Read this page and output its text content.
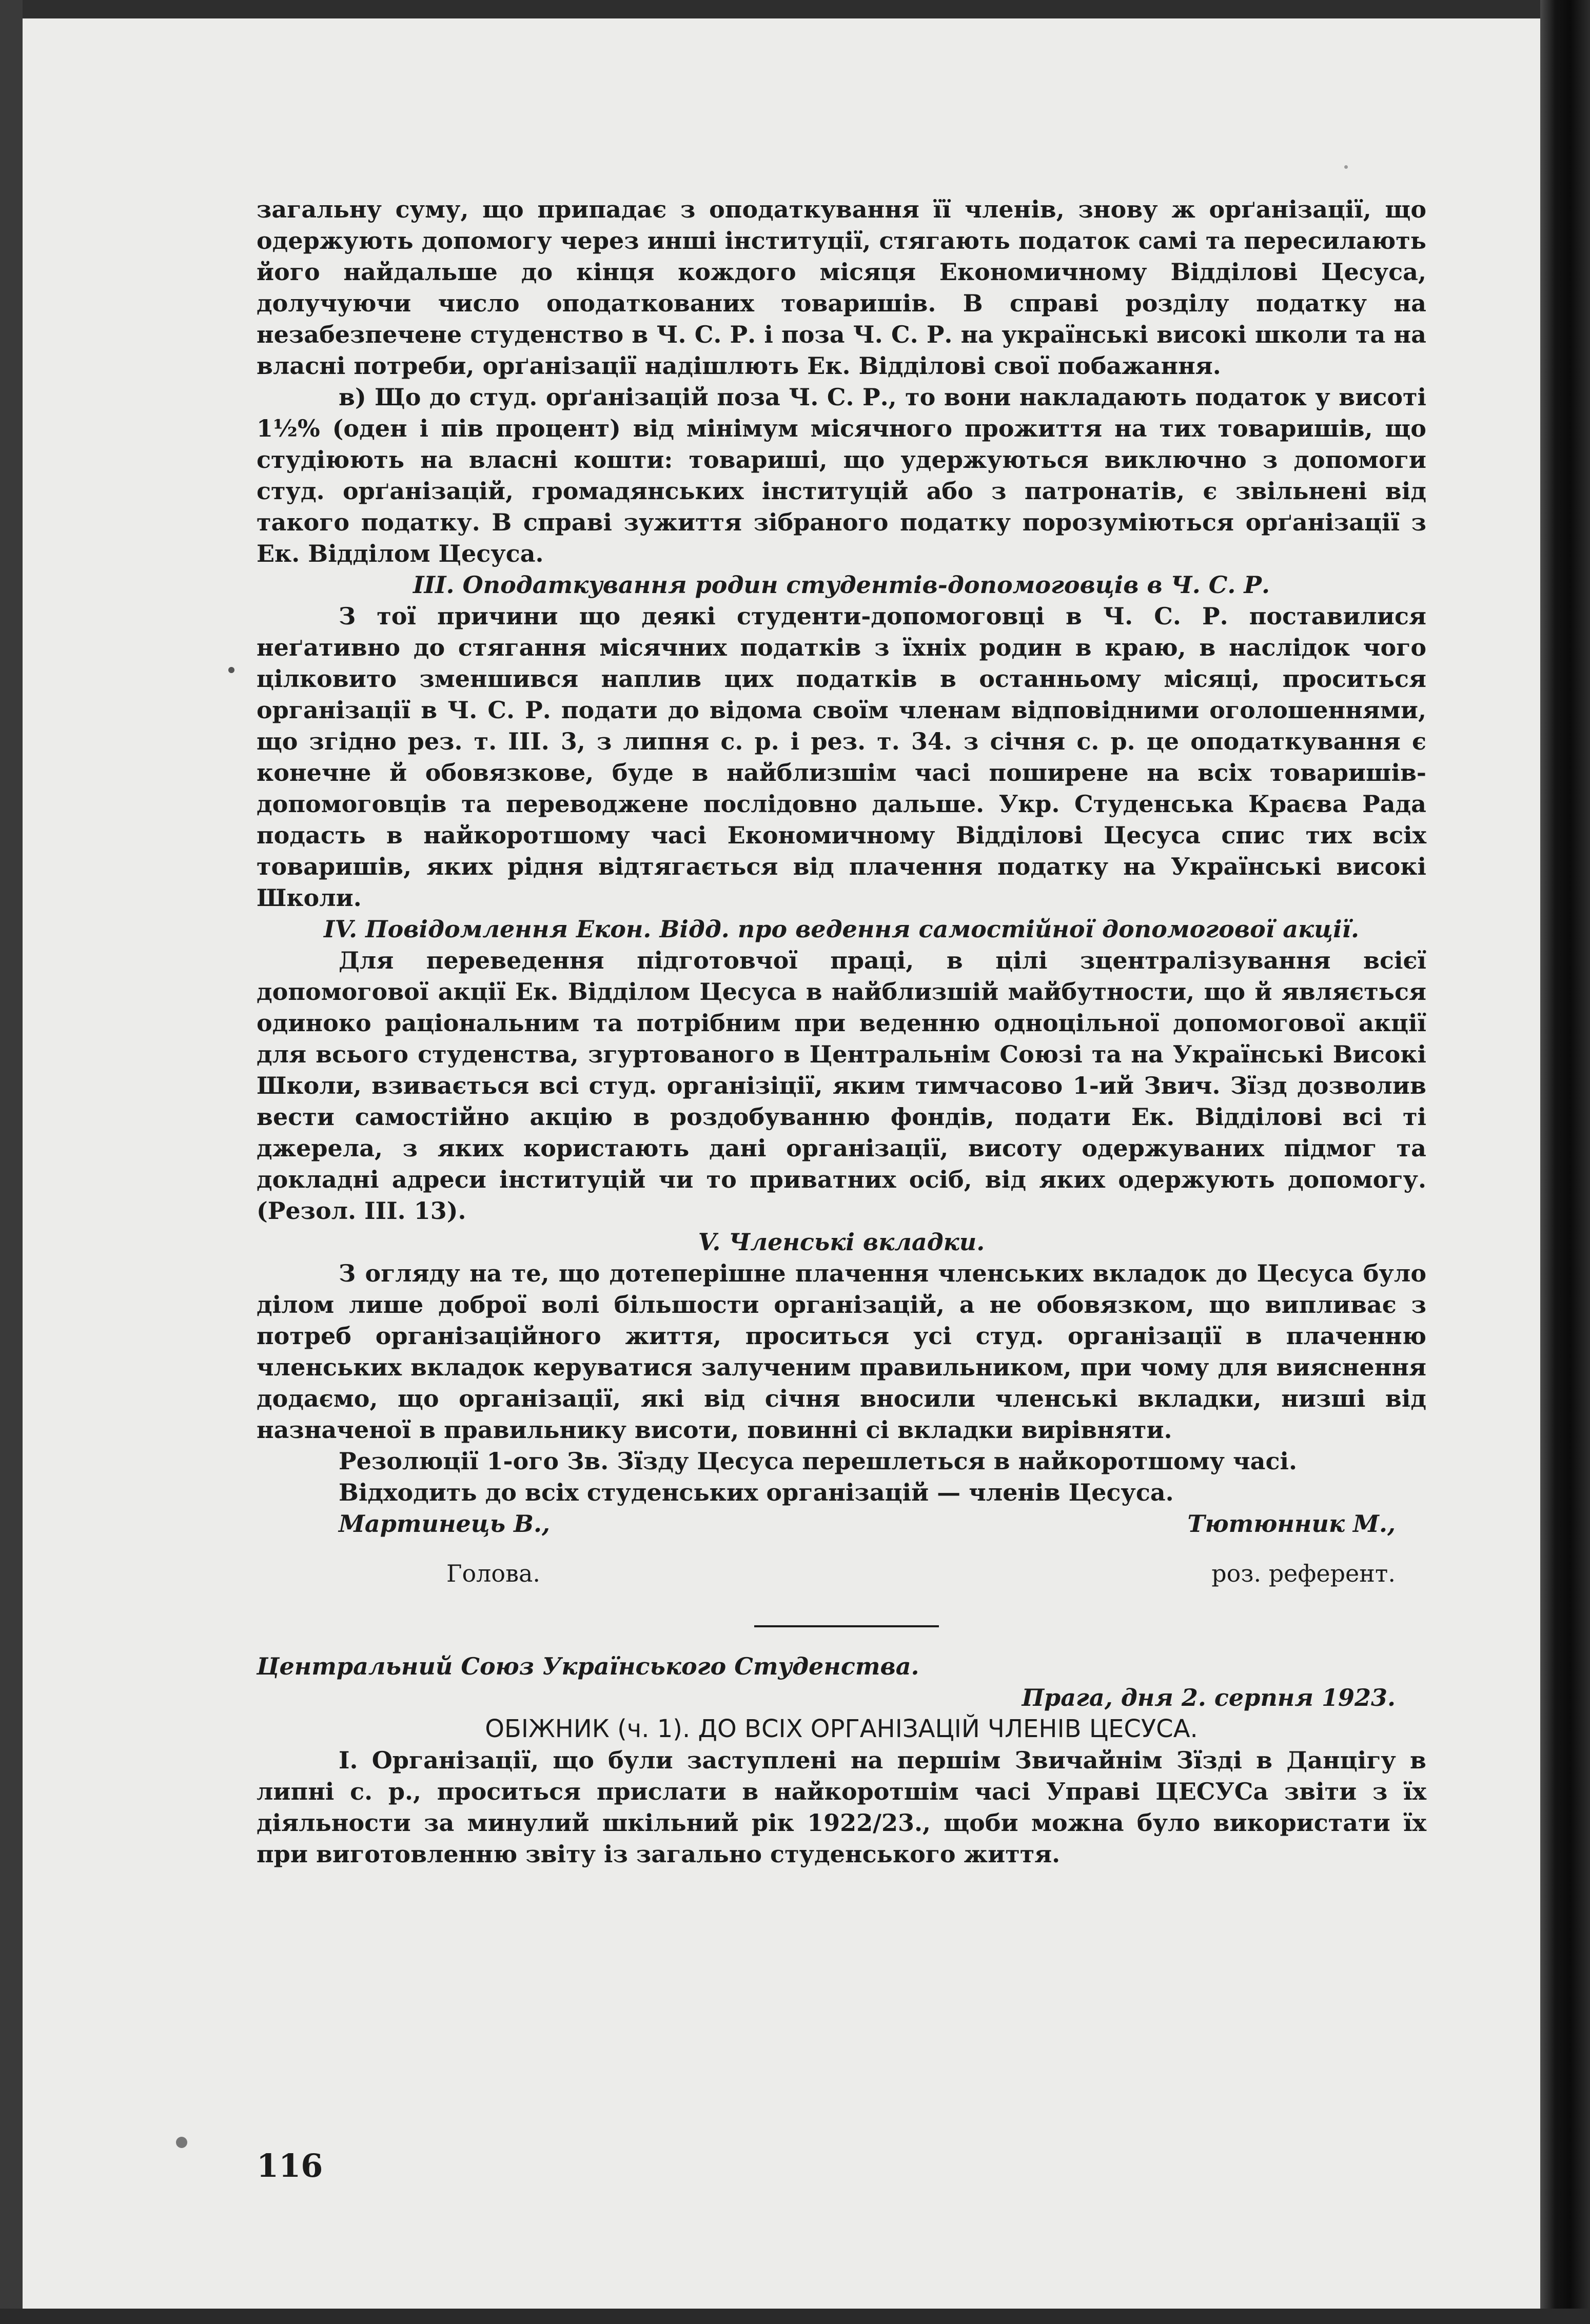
загальну суму, що припадає з оподаткування її членів, знову ж орґанізації, що одержують допомогу через инші інституції, стягають податок самі та пересилають його найдальше до кінця кождого місяця Економичному Відділові Цесуса, долучуючи число оподаткованих товаришів. В справі розділу податку на незабезпечене студенство в Ч. С. Р. і поза Ч. С. Р. на українські високі школи та на власні потреби, орґанізації надішлють Ек. Відділові свої побажання.

в) Що до студ. орґанізацій поза Ч. С. Р., то вони накладають податок у висоті 1½% (оден і пів процент) від мінімум місячного прожиття на тих товаришів, що студіюють на власні кошти: товариші, що удержуються виключно з допомоги студ. орґанізацій, громадянських інституцій або з патронатів, є звільнені від такого податку. В справі зужиття зібраного податку порозуміються орґанізації з Ек. Відділом Цесуса.

III. Оподаткування родин студентів-допомоговців в Ч. С. Р.

З тої причини що деякі студенти-допомоговці в Ч. С. Р. поставилися неґативно до стягання місячних податків з їхніх родин в краю, в наслідок чого цілковито зменшився наплив цих податків в останньому місяці, проситься організації в Ч. С. Р. подати до відома своїм членам відповідними оголошеннями, що згідно рез. т. III. 3, з липня с. р. і рез. т. 34. з січня с. р. це оподаткування є конечне й обовязкове, буде в найблизшім часі поширене на всіх товаришів-допомоговців та переводжене послідовно дальше. Укр. Студенська Краєва Рада подасть в найкоротшому часі Економичному Відділові Цесуса спис тих всіх товаришів, яких рідня відтягається від плачення податку на Українські високі Школи.

IV. Повідомлення Екон. Відд. про ведення самостійної допомогової акції.

Для переведення підготовчої праці, в цілі зцентралізування всієї допомогової акції Ек. Відділом Цесуса в найблизшій майбутности, що й являється одиноко раціональним та потрібним при веденню одноцільної допомогової акції для всього студенства, згуртованого в Центральнім Союзі та на Українські Високі Школи, взивається всі студ. організіції, яким тимчасово 1-ий Звич. Зїзд дозволив вести самостійно акцію в роздобуванню фондів, подати Ек. Відділові всі ті джерела, з яких користають дані організації, висоту одержуваних підмог та докладні адреси інституцій чи то приватних осіб, від яких одержують допомогу. (Резол. III. 13).

V. Членські вкладки.

З огляду на те, що дотеперішне плачення членських вкладок до Цесуса було ділом лише доброї волі більшости організацій, а не обовязком, що випливає з потреб організаційного життя, проситься усі студ. організації в плаченню членських вкладок керуватися залученим правильником, при чому для вияснення додаємо, що організації, які від січня вносили членські вкладки, низші від назначеної в правильнику висоти, повинні сі вкладки вирівняти.

Резолюції 1-ого Зв. Зїзду Цесуса перешлеться в найкоротшому часі.

Відходить до всіх студенських організацій — членів Цесуса.

Мартинець В.,	Тютюнник М.,
Голова.	роз. референт.

Центральний Союз Українського Студенства.

Прага, дня 2. серпня 1923.

ОБІЖНИК (ч. 1). ДО ВСІХ ОРГАНІЗАЦІЙ ЧЛЕНІВ ЦЕСУСА.

І. Організації, що були заступлені на першім Звичайнім Зїзді в Данцігу в липні с. р., проситься прислати в найкоротшім часі Управі ЦЕСУСа звіти з їх діяльности за минулий шкільний рік 1922/23., щоби можна було використати їх при виготовленню звіту із загально студенського життя.

116
